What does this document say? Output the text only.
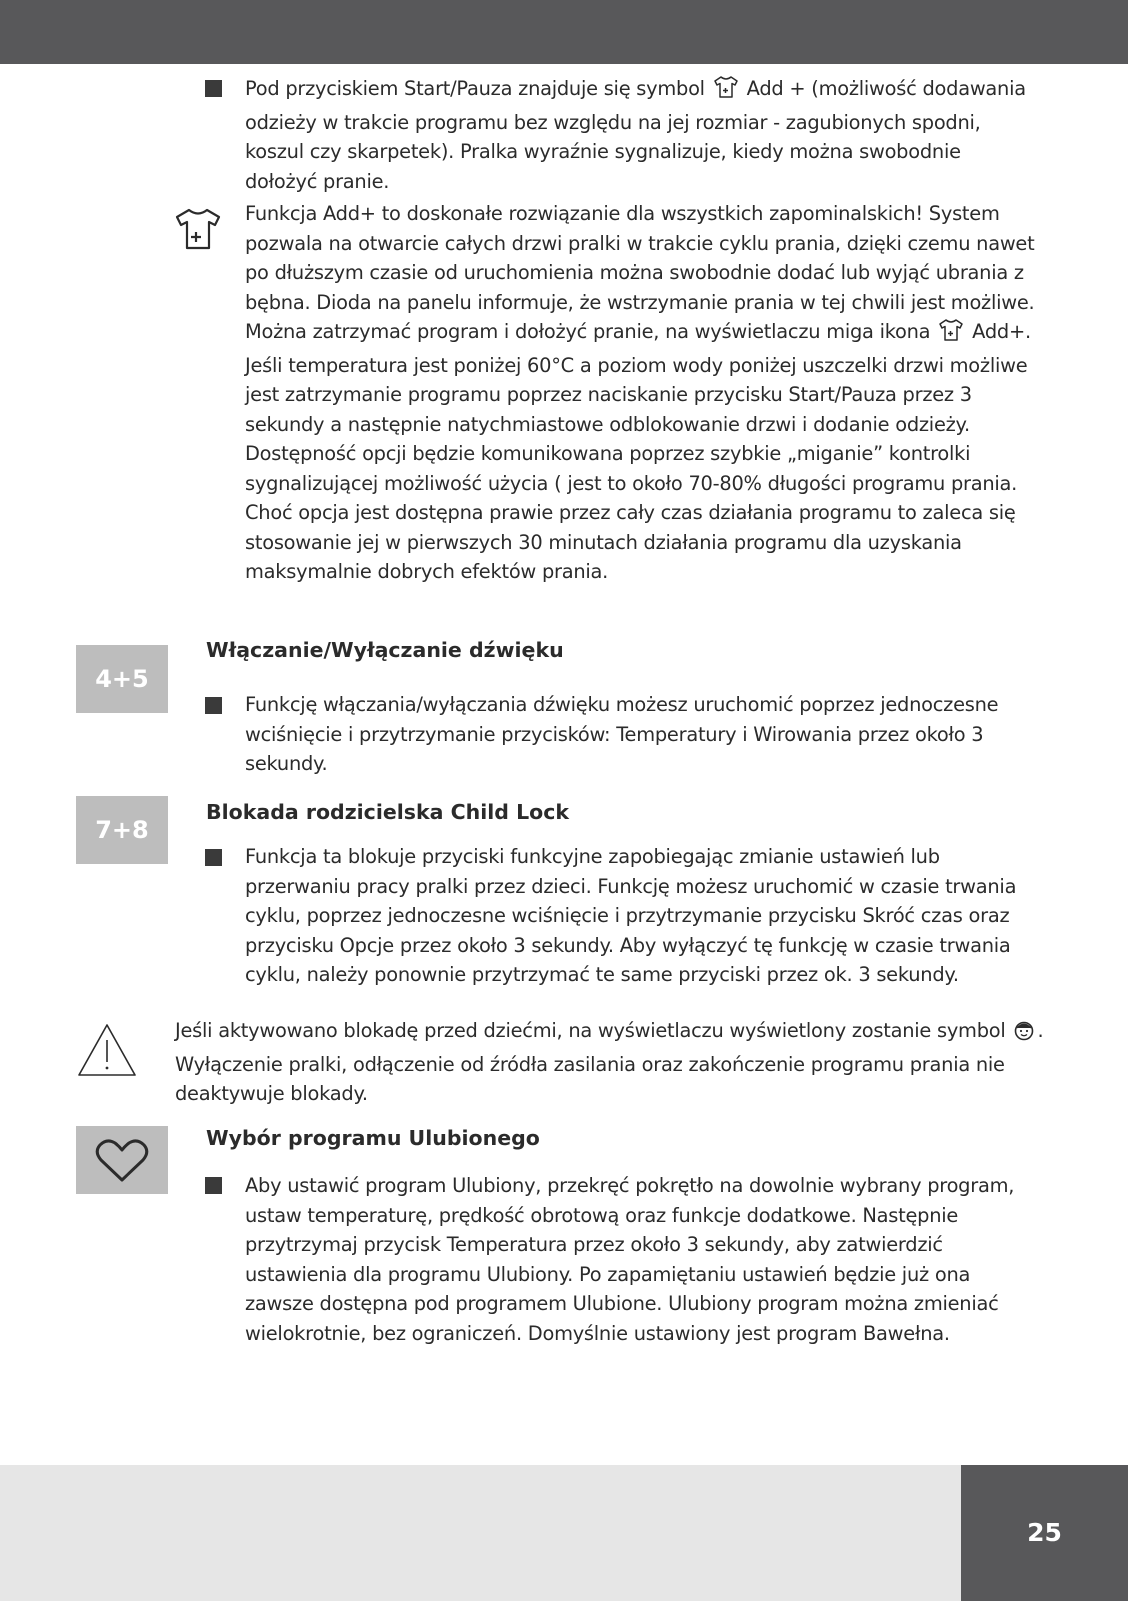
Pod przyciskiem Start/Pauza znajduje się symbol Add + (możliwość dodawania odzieży w trakcie programu bez względu na jej rozmiar - zagubionych spodni, koszul czy skarpetek). Pralka wyraźnie sygnalizuje, kiedy można swobodnie dołożyć pranie.
Funkcja Add+ to doskonałe rozwiązanie dla wszystkich zapominalskich! System pozwala na otwarcie całych drzwi pralki w trakcie cyklu prania, dzięki czemu nawet po dłuższym czasie od uruchomienia można swobodnie dodać lub wyjąć ubrania z bębna. Dioda na panelu informuje, że wstrzymanie prania w tej chwili jest możliwe. Można zatrzymać program i dołożyć pranie, na wyświetlaczu miga ikona Add+. Jeśli temperatura jest poniżej 60°C a poziom wody poniżej uszczelki drzwi możliwe jest zatrzymanie programu poprzez naciskanie przycisku Start/Pauza przez 3 sekundy a następnie natychmiastowe odblokowanie drzwi i dodanie odzieży. Dostępność opcji będzie komunikowana poprzez szybkie „miganie” kontrolki sygnalizującej możliwość użycia ( jest to około 70-80% długości programu prania. Choć opcja jest dostępna prawie przez cały czas działania programu to zaleca się stosowanie jej w pierwszych 30 minutach działania programu dla uzyskania maksymalnie dobrych efektów prania.
4+5
Włączanie/Wyłączanie dźwięku
Funkcję włączania/wyłączania dźwięku możesz uruchomić poprzez jednoczesne wciśnięcie i przytrzymanie przycisków: Temperatury i Wirowania przez około 3 sekundy.
7+8
Blokada rodzicielska Child Lock
Funkcja ta blokuje przyciski funkcyjne zapobiegając zmianie ustawień lub przerwaniu pracy pralki przez dzieci. Funkcję możesz uruchomić w czasie trwania cyklu, poprzez jednoczesne wciśnięcie i przytrzymanie przycisku Skróć czas oraz przycisku Opcje przez około 3 sekundy. Aby wyłączyć tę funkcję w czasie trwania cyklu, należy ponownie przytrzymać te same przyciski przez ok. 3 sekundy.
Jeśli aktywowano blokadę przed dziećmi, na wyświetlaczu wyświetlony zostanie symbol . Wyłączenie pralki, odłączenie od źródła zasilania oraz zakończenie programu prania nie deaktywuje blokady.
Wybór programu Ulubionego
Aby ustawić program Ulubiony, przekręć pokrętło na dowolnie wybrany program, ustaw temperaturę, prędkość obrotową oraz funkcje dodatkowe. Następnie przytrzymaj przycisk Temperatura przez około 3 sekundy, aby zatwierdzić ustawienia dla programu Ulubiony. Po zapamiętaniu ustawień będzie już ona zawsze dostępna pod programem Ulubione. Ulubiony program można zmieniać wielokrotnie, bez ograniczeń. Domyślnie ustawiony jest program Bawełna.
25
